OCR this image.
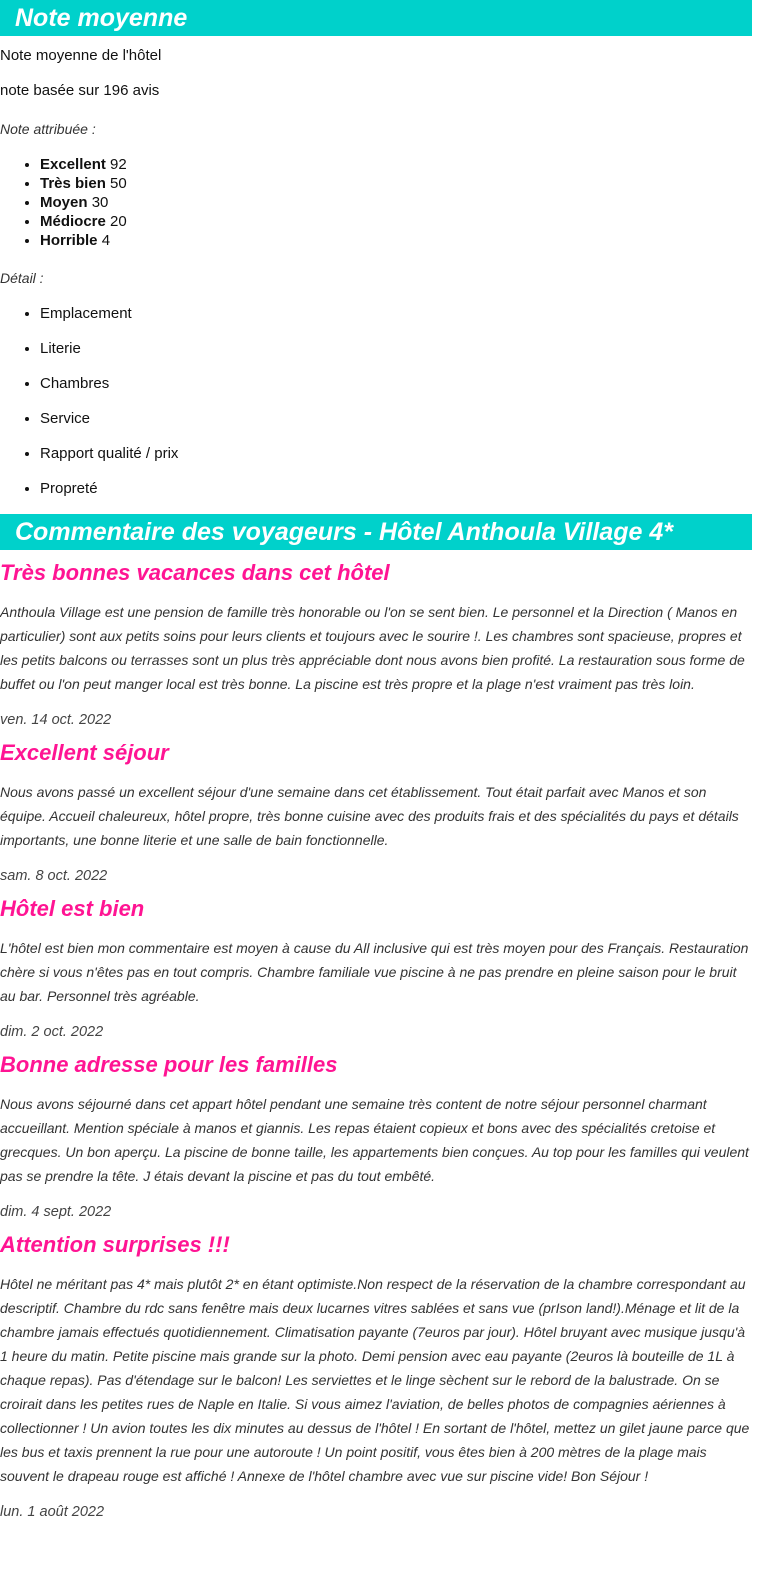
Note moyenne

Note moyenne de l'hôtel

note basée sur 196 avis

Note attribuée :

• Excellent 92
• Très bien 50
• Moyen 30
• Médiocre 20
• Horrible 4

Détail :

• Emplacement
• Literie
• Chambres
• Service
• Rapport qualité / prix
• Propreté
Commentaire des voyageurs - Hôtel Anthoula Village 4*
Très bonnes vacances dans cet hôtel

Anthoula Village est une pension de famille très honorable ou l'on se sent bien. Le personnel et la Direction ( Manos en particulier) sont aux petits soins pour leurs clients et toujours avec le sourire !. Les chambres sont spacieuse, propres et les petits balcons ou terrasses sont un plus très appréciable dont nous avons bien profité. La restauration sous forme de buffet ou l'on peut manger local est très bonne. La piscine est très propre et la plage n'est vraiment pas très loin.

ven. 14 oct. 2022

Excellent séjour

Nous avons passé un excellent séjour d'une semaine dans cet établissement. Tout était parfait avec Manos et son équipe. Accueil chaleureux, hôtel propre, très bonne cuisine avec des produits frais et des spécialités du pays et détails importants, une bonne literie et une salle de bain fonctionnelle.

sam. 8 oct. 2022

Hôtel est bien

L'hôtel est bien mon commentaire est moyen à cause du All inclusive qui est très moyen pour des Français. Restauration chère si vous n'êtes pas en tout compris. Chambre familiale vue piscine à ne pas prendre en pleine saison pour le bruit au bar. Personnel très agréable.

dim. 2 oct. 2022

Bonne adresse pour les familles

Nous avons séjourné dans cet appart hôtel pendant une semaine très content de notre séjour personnel charmant accueillant. Mention spéciale à manos et giannis. Les repas étaient copieux et bons avec des spécialités cretoise et grecques. Un bon aperçu. La piscine de bonne taille, les appartements bien conçues. Au top pour les familles qui veulent pas se prendre la tête. J étais devant la piscine et pas du tout embêté.

dim. 4 sept. 2022

Attention surprises !!!

Hôtel ne méritant pas 4* mais plutôt 2* en étant optimiste.Non respect de la réservation de la chambre correspondant au descriptif. Chambre du rdc sans fenêtre mais deux lucarnes vitres sablées et sans vue (prIson land!).Ménage et lit de la chambre jamais effectués quotidiennement. Climatisation payante (7euros par jour). Hôtel bruyant avec musique jusqu'à 1 heure du matin. Petite piscine mais grande sur la photo. Demi pension avec eau payante (2euros là bouteille de 1L à chaque repas). Pas d'étendage sur le balcon! Les serviettes et le linge sèchent sur le rebord de la balustrade. On se croirait dans les petites rues de Naple en Italie. Si vous aimez l'aviation, de belles photos de compagnies aériennes à collectionner ! Un avion toutes les dix minutes au dessus de l'hôtel ! En sortant de l'hôtel, mettez un gilet jaune parce que les bus et taxis prennent la rue pour une autoroute ! Un point positif, vous êtes bien à 200 mètres de la plage mais souvent le drapeau rouge est affiché ! Annexe de l'hôtel chambre avec vue sur piscine vide! Bon Séjour !

lun. 1 août 2022
